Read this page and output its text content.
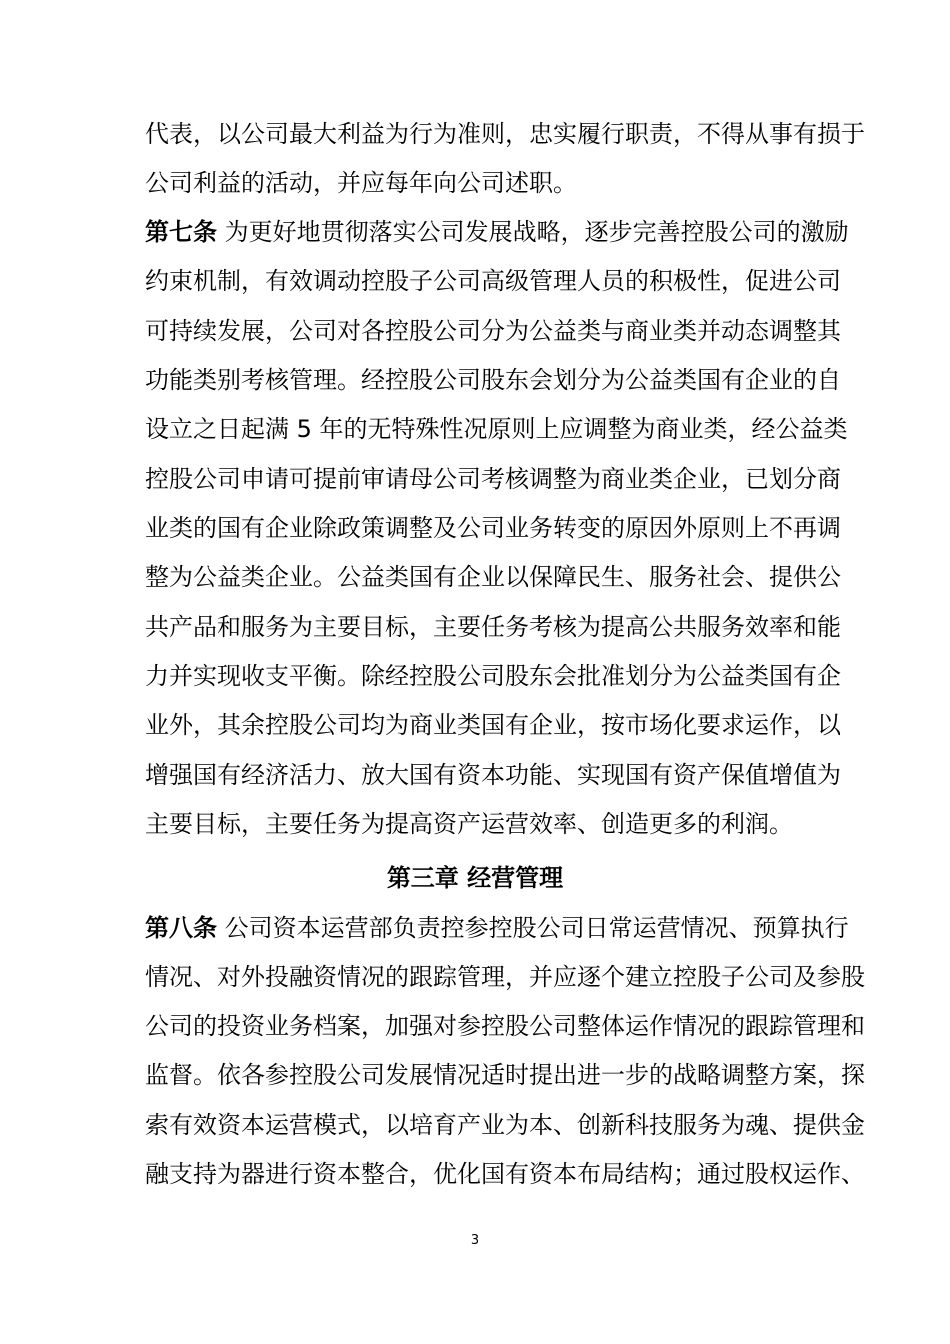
代表，以公司最大利益为行为准则，忠实履行职责，不得从事有损于
公司利益的活动，并应每年向公司述职。
第七条 为更好地贯彻落实公司发展战略，逐步完善控股公司的激励
约束机制，有效调动控股子公司高级管理人员的积极性，促进公司
可持续发展，公司对各控股公司分为公益类与商业类并动态调整其
功能类别考核管理。经控股公司股东会划分为公益类国有企业的自
设立之日起满 5 年的无特殊性况原则上应调整为商业类，经公益类
控股公司申请可提前审请母公司考核调整为商业类企业，已划分商
业类的国有企业除政策调整及公司业务转变的原因外原则上不再调
整为公益类企业。公益类国有企业以保障民生、服务社会、提供公
共产品和服务为主要目标，主要任务考核为提高公共服务效率和能
力并实现收支平衡。除经控股公司股东会批准划分为公益类国有企
业外，其余控股公司均为商业类国有企业，按市场化要求运作，以
增强国有经济活力、放大国有资本功能、实现国有资产保值增值为
主要目标，主要任务为提高资产运营效率、创造更多的利润。
第三章 经营管理
第八条 公司资本运营部负责控参控股公司日常运营情况、预算执行
情况、对外投融资情况的跟踪管理，并应逐个建立控股子公司及参股
公司的投资业务档案，加强对参控股公司整体运作情况的跟踪管理和
监督。依各参控股公司发展情况适时提出进一步的战略调整方案，探
索有效资本运营模式，以培育产业为本、创新科技服务为魂、提供金
融支持为器进行资本整合，优化国有资本布局结构；通过股权运作、
3
